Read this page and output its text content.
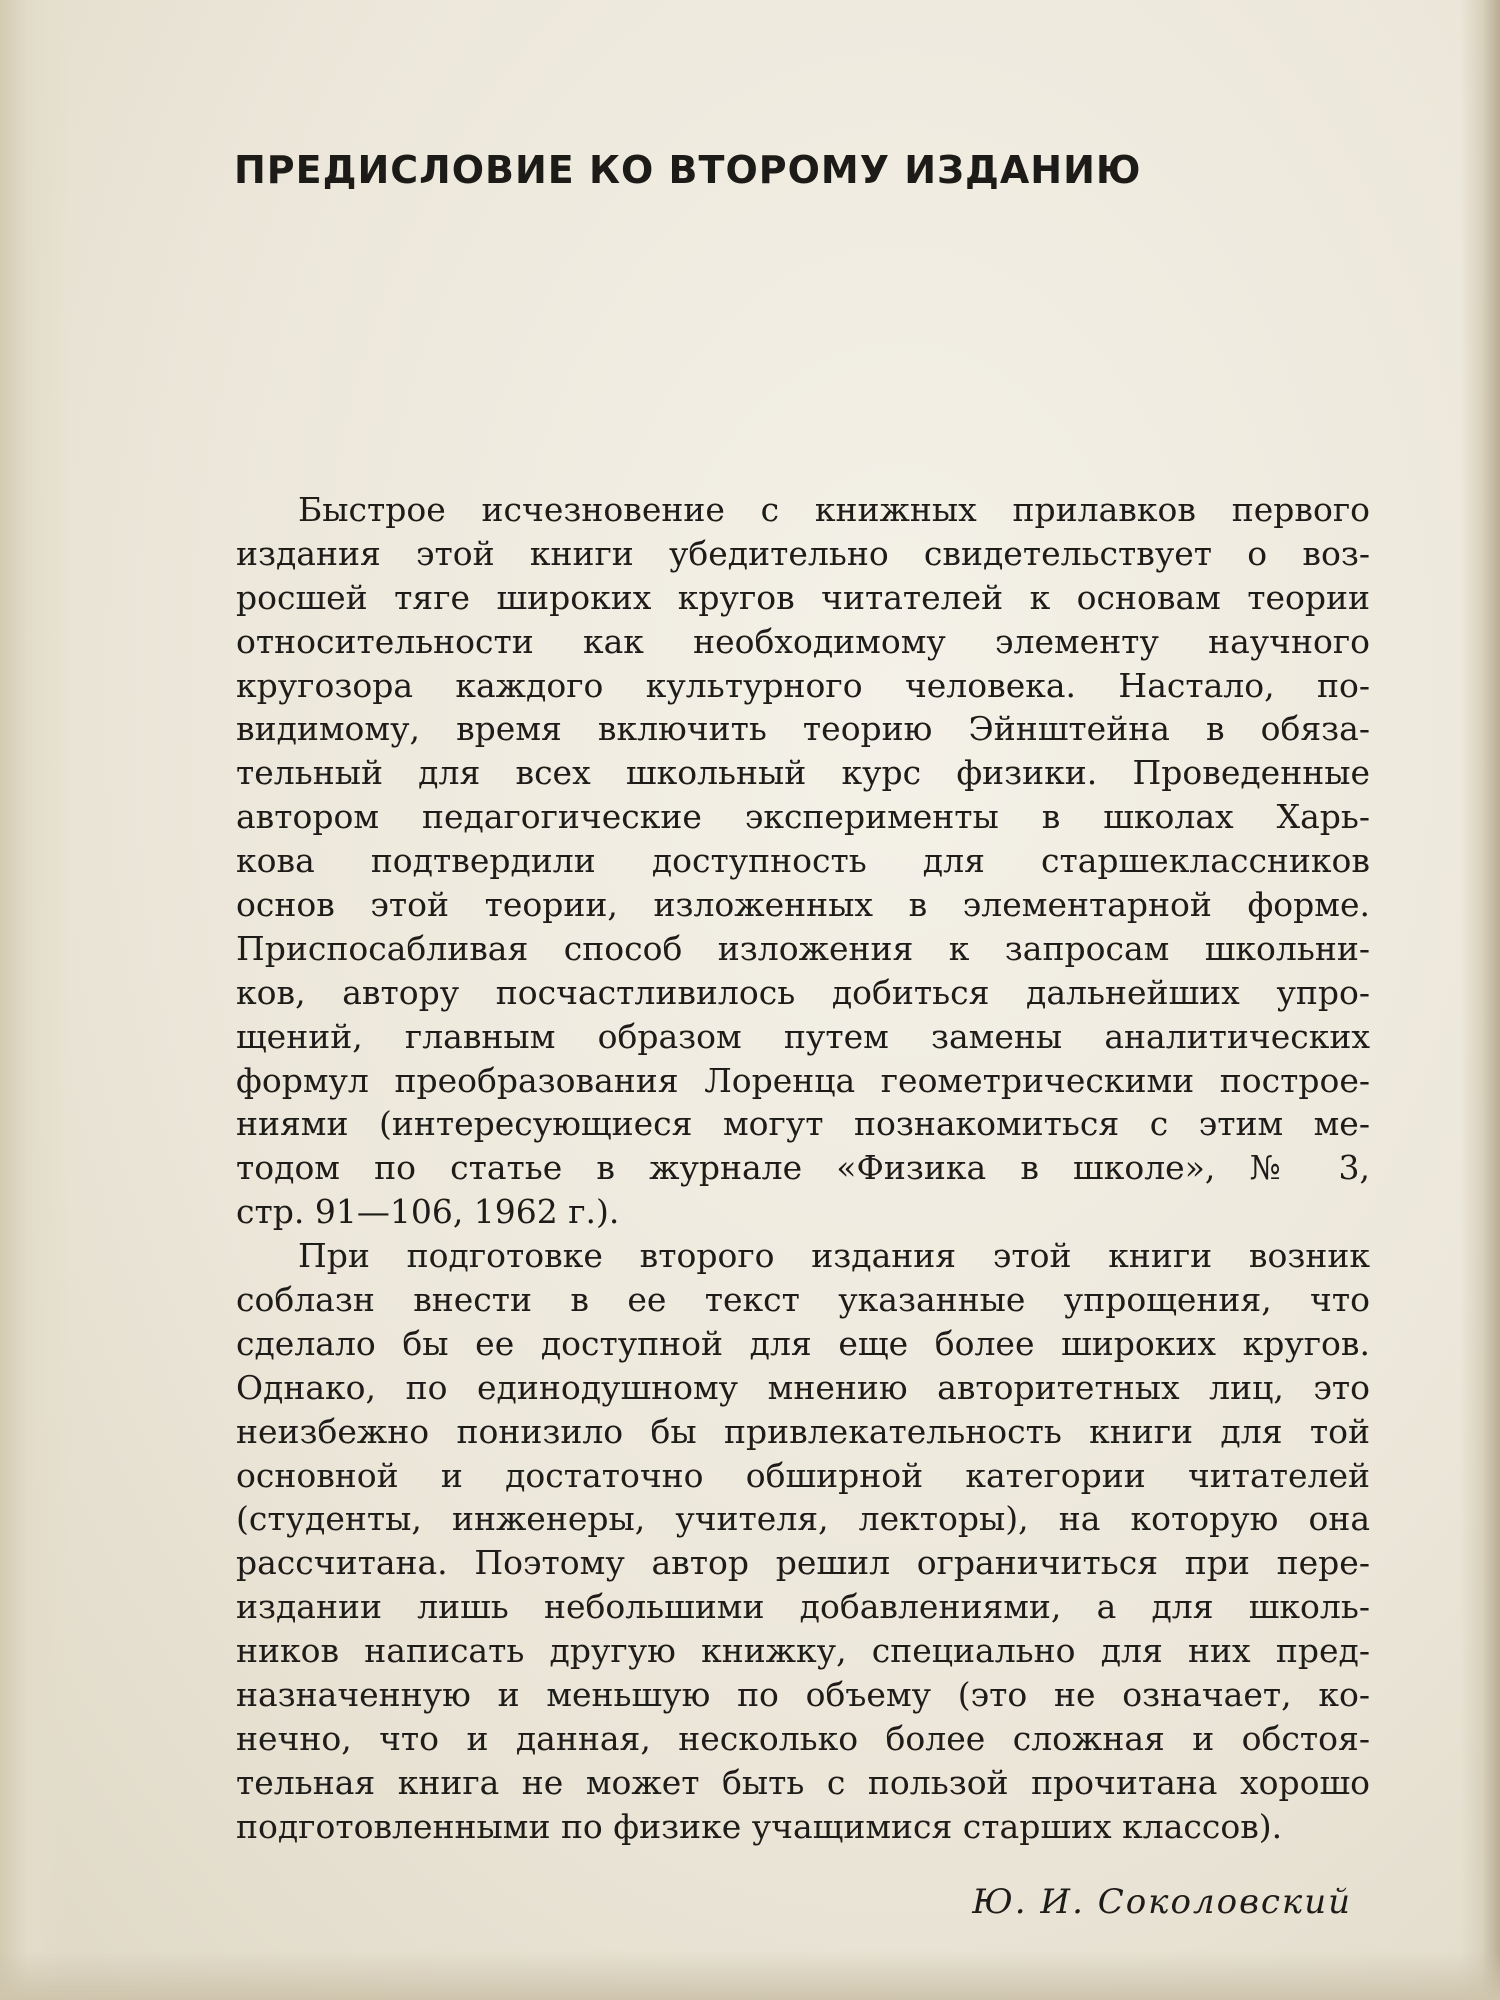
ПРЕДИСЛОВИЕ КО ВТОРОМУ ИЗДАНИЮ
Быстрое исчезновение с книжных прилавков первого
издания этой книги убедительно свидетельствует о воз-
росшей тяге широких кругов читателей к основам теории
относительности как необходимому элементу научного
кругозора каждого культурного человека. Настало, по-
видимому, время включить теорию Эйнштейна в обяза-
тельный для всех школьный курс физики. Проведенные
автором педагогические эксперименты в школах Харь-
кова подтвердили доступность для старшеклассников
основ этой теории, изложенных в элементарной форме.
Приспосабливая способ изложения к запросам школьни-
ков, автору посчастливилось добиться дальнейших упро-
щений, главным образом путем замены аналитических
формул преобразования Лоренца геометрическими построе-
ниями (интересующиеся могут познакомиться с этим ме-
тодом по статье в журнале «Физика в школе», № 3,
стр. 91—106, 1962 г.).
При подготовке второго издания этой книги возник
соблазн внести в ее текст указанные упрощения, что
сделало бы ее доступной для еще более широких кругов.
Однако, по единодушному мнению авторитетных лиц, это
неизбежно понизило бы привлекательность книги для той
основной и достаточно обширной категории читателей
(студенты, инженеры, учителя, лекторы), на которую она
рассчитана. Поэтому автор решил ограничиться при пере-
издании лишь небольшими добавлениями, а для школь-
ников написать другую книжку, специально для них пред-
назначенную и меньшую по объему (это не означает, ко-
нечно, что и данная, несколько более сложная и обстоя-
тельная книга не может быть с пользой прочитана хорошо
подготовленными по физике учащимися старших классов).

Ю. И. Соколовский
